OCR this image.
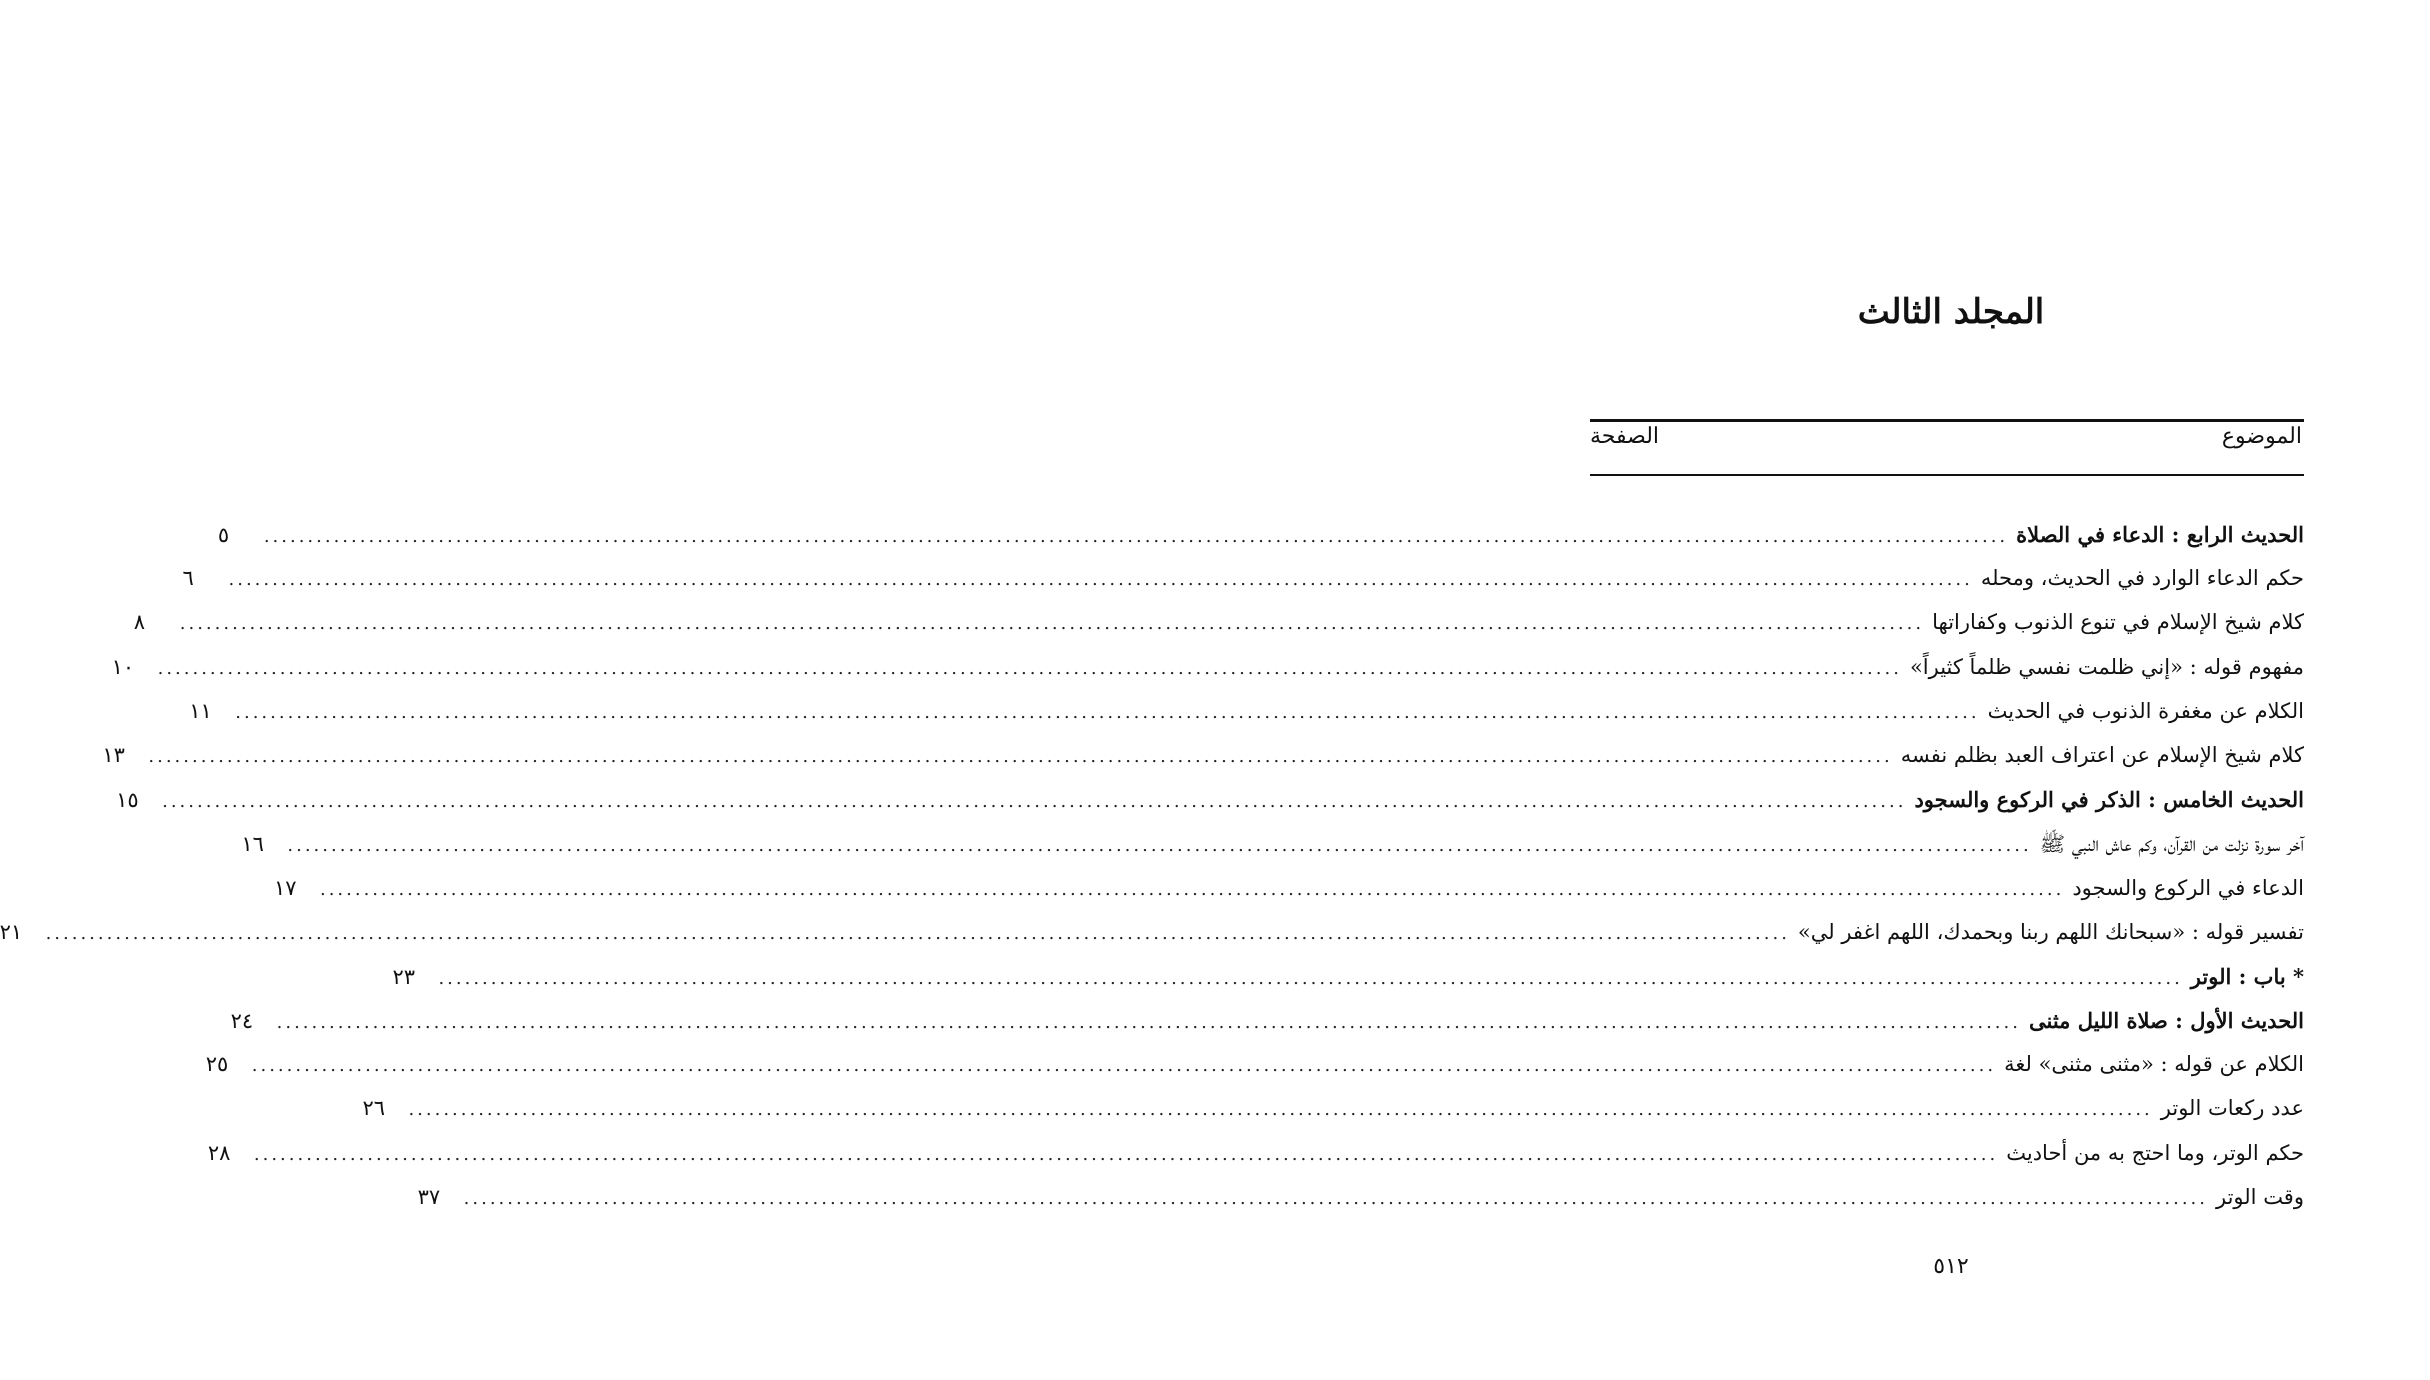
المجلد الثالث
الموضوع
الصفحة
الحديث الرابع : الدعاء في الصلاة
........................................................................................................................................................................................................
٥
حكم الدعاء الوارد في الحديث، ومحله
........................................................................................................................................................................................................
٦
كلام شيخ الإسلام في تنوع الذنوب وكفاراتها
........................................................................................................................................................................................................
٨
مفهوم قوله : «إني ظلمت نفسي ظلماً كثيراً»
........................................................................................................................................................................................................
١٠
الكلام عن مغفرة الذنوب في الحديث
........................................................................................................................................................................................................
١١
كلام شيخ الإسلام عن اعتراف العبد بظلم نفسه
........................................................................................................................................................................................................
١٣
الحديث الخامس : الذكر في الركوع والسجود
........................................................................................................................................................................................................
١٥
آخر سورة نزلت من القرآن، وكم عاش النبي ﷺ
........................................................................................................................................................................................................
١٦
الدعاء في الركوع والسجود
........................................................................................................................................................................................................
١٧
تفسير قوله : «سبحانك اللهم ربنا وبحمدك، اللهم اغفر لي»
........................................................................................................................................................................................................
٢١
* باب : الوتر
........................................................................................................................................................................................................
٢٣
الحديث الأول : صلاة الليل مثنى
........................................................................................................................................................................................................
٢٤
الكلام عن قوله : «مثنى مثنى» لغة
........................................................................................................................................................................................................
٢٥
عدد ركعات الوتر
........................................................................................................................................................................................................
٢٦
حكم الوتر، وما احتج به من أحاديث
........................................................................................................................................................................................................
٢٨
وقت الوتر
........................................................................................................................................................................................................
٣٧
٥١٢
